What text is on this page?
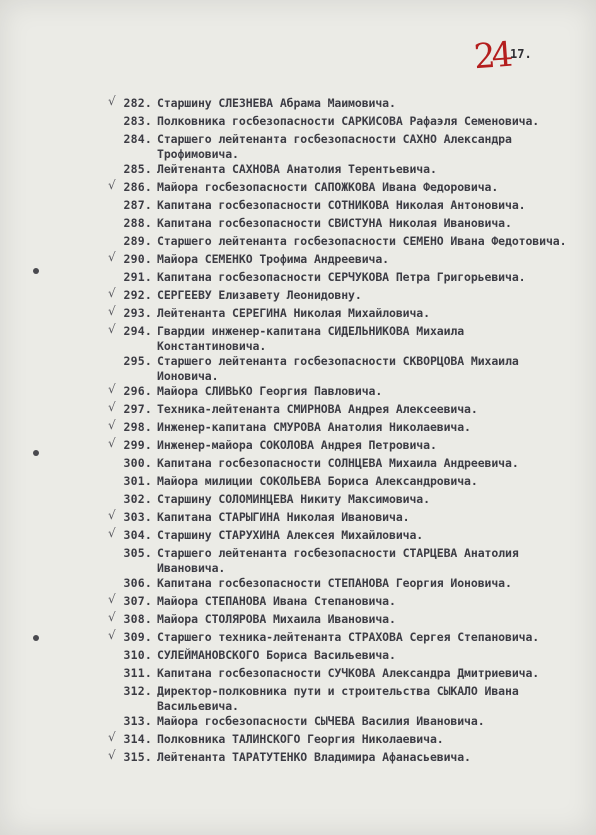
24 17.
√ 282. Старшину СЛЕЗНЕВА Абрама Маимовича.
283. Полковника госбезопасности САРКИСОВА Рафаэля Семеновича.
284. Старшего лейтенанта госбезопасности САХНО Александра
Трофимовича.
285. Лейтенанта САХНОВА Анатолия Терентьевича.
√ 286. Майора госбезопасности САПОЖКОВА Ивана Федоровича.
287. Капитана госбезопасности СОТНИКОВА Николая Антоновича.
288. Капитана госбезопасности СВИСТУНА Николая Ивановича.
289. Старшего лейтенанта госбезопасности СЕМЕНО Ивана Федотовича.
√ 290. Майора СЕМЕНКО Трофима Андреевича.
291. Капитана госбезопасности СЕРЧУКОВА Петра Григорьевича.
√ 292. СЕРГЕЕВУ Елизавету Леонидовну.
√ 293. Лейтенанта СЕРЕГИНА Николая Михайловича.
√ 294. Гвардии инженер-капитана СИДЕЛЬНИКОВА Михаила
Константиновича.
295. Старшего лейтенанта госбезопасности СКВОРЦОВА Михаила
Ионовича.
√ 296. Майора СЛИВЬКО Георгия Павловича.
√ 297. Техника-лейтенанта СМИРНОВА Андрея Алексеевича.
√ 298. Инженер-капитана СМУРОВА Анатолия Николаевича.
√ 299. Инженер-майора СОКОЛОВА Андрея Петровича.
300. Капитана госбезопасности СОЛНЦЕВА Михаила Андреевича.
301. Майора милиции СОКОЛЬЕВА Бориса Александровича.
302. Старшину СОЛОМИНЦЕВА Никиту Максимовича.
√ 303. Капитана СТАРЫГИНА Николая Ивановича.
√ 304. Старшину СТАРУХИНА Алексея Михайловича.
305. Старшего лейтенанта госбезопасности СТАРЦЕВА Анатолия
Ивановича.
306. Капитана госбезопасности СТЕПАНОВА Георгия Ионовича.
√ 307. Майора СТЕПАНОВА Ивана Степановича.
√ 308. Майора СТОЛЯРОВА Михаила Ивановича.
√ 309. Старшего техника-лейтенанта СТРАХОВА Сергея Степановича.
310. СУЛЕЙМАНОВСКОГО Бориса Васильевича.
311. Капитана госбезопасности СУЧКОВА Александра Дмитриевича.
312. Директор-полковника пути и строительства СЫКАЛО Ивана
Васильевича.
313. Майора госбезопасности СЫЧЕВА Василия Ивановича.
√ 314. Полковника ТАЛИНСКОГО Георгия Николаевича.
√ 315. Лейтенанта ТАРАТУТЕНКО Владимира Афанасьевича.
